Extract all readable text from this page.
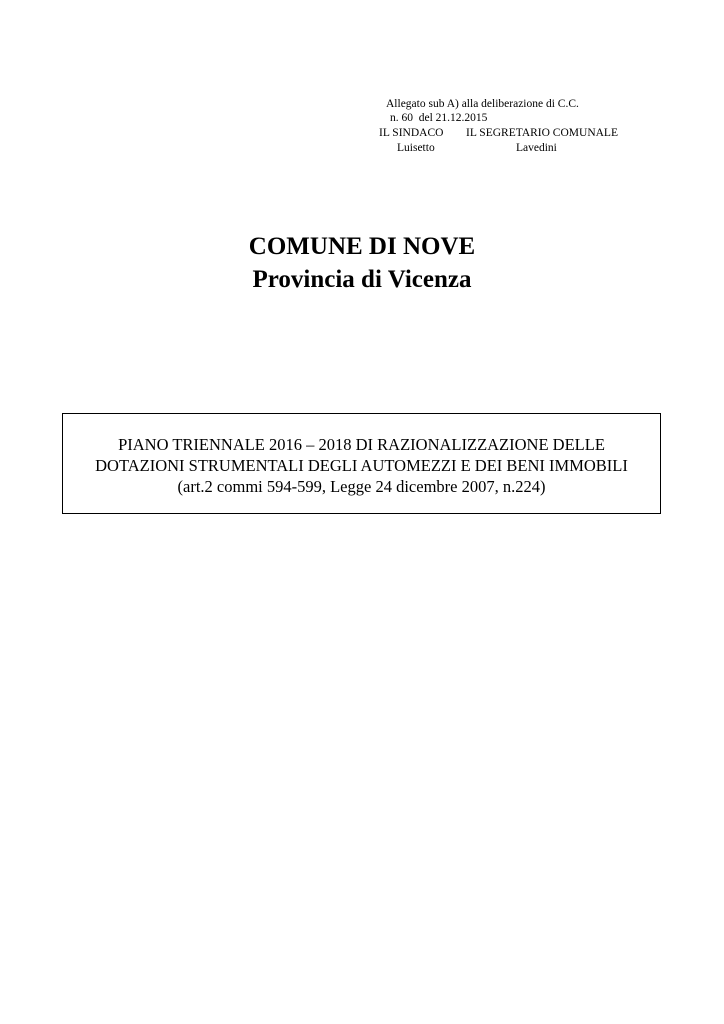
Allegato sub A) alla deliberazione di C.C.

n. 60  del 21.12.2015

IL SINDACO

IL SEGRETARIO COMUNALE

Luisetto

	Lavedini

COMUNE DI NOVE
Provincia di Vicenza
PIANO TRIENNALE 2016 – 2018 DI RAZIONALIZZAZIONE DELLE
DOTAZIONI STRUMENTALI DEGLI AUTOMEZZI E DEI BENI IMMOBILI
(art.2 commi 594-599, Legge 24 dicembre 2007, n.224)
